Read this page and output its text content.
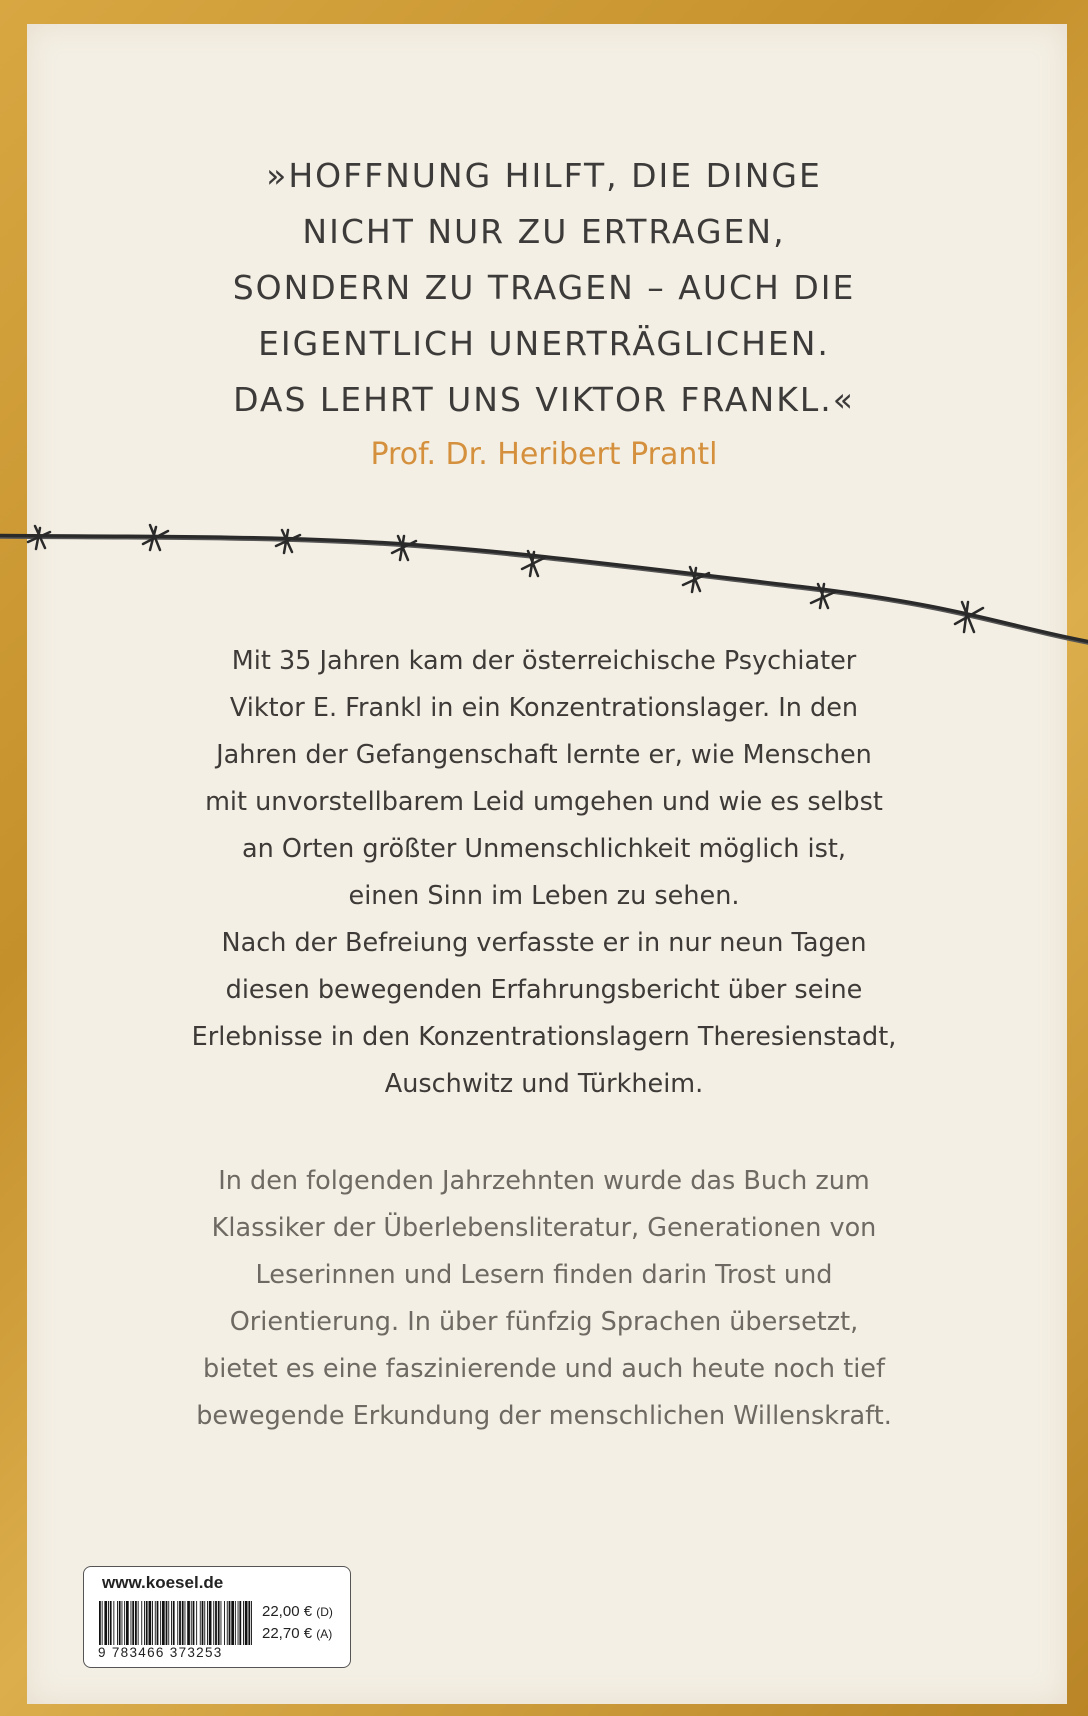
»HOFFNUNG HILFT, DIE DINGE
NICHT NUR ZU ERTRAGEN,
SONDERN ZU TRAGEN – AUCH DIE
EIGENTLICH UNERTRÄGLICHEN.
DAS LEHRT UNS VIKTOR FRANKL.«
Prof. Dr. Heribert Prantl
Mit 35 Jahren kam der österreichische Psychiater
Viktor E. Frankl in ein Konzentrationslager. In den
Jahren der Gefangenschaft lernte er, wie Menschen
mit unvorstellbarem Leid umgehen und wie es selbst
an Orten größter Unmenschlichkeit möglich ist,
einen Sinn im Leben zu sehen.
Nach der Befreiung verfasste er in nur neun Tagen
diesen bewegenden Erfahrungsbericht über seine
Erlebnisse in den Konzentrationslagern Theresienstadt,
Auschwitz und Türkheim.
In den folgenden Jahrzehnten wurde das Buch zum
Klassiker der Überlebensliteratur, Generationen von
Leserinnen und Lesern finden darin Trost und
Orientierung. In über fünfzig Sprachen übersetzt,
bietet es eine faszinierende und auch heute noch tief
bewegende Erkundung der menschlichen Willenskraft.
www.koesel.de
9 783466 373253
22,00 € (D)
22,70 € (A)
